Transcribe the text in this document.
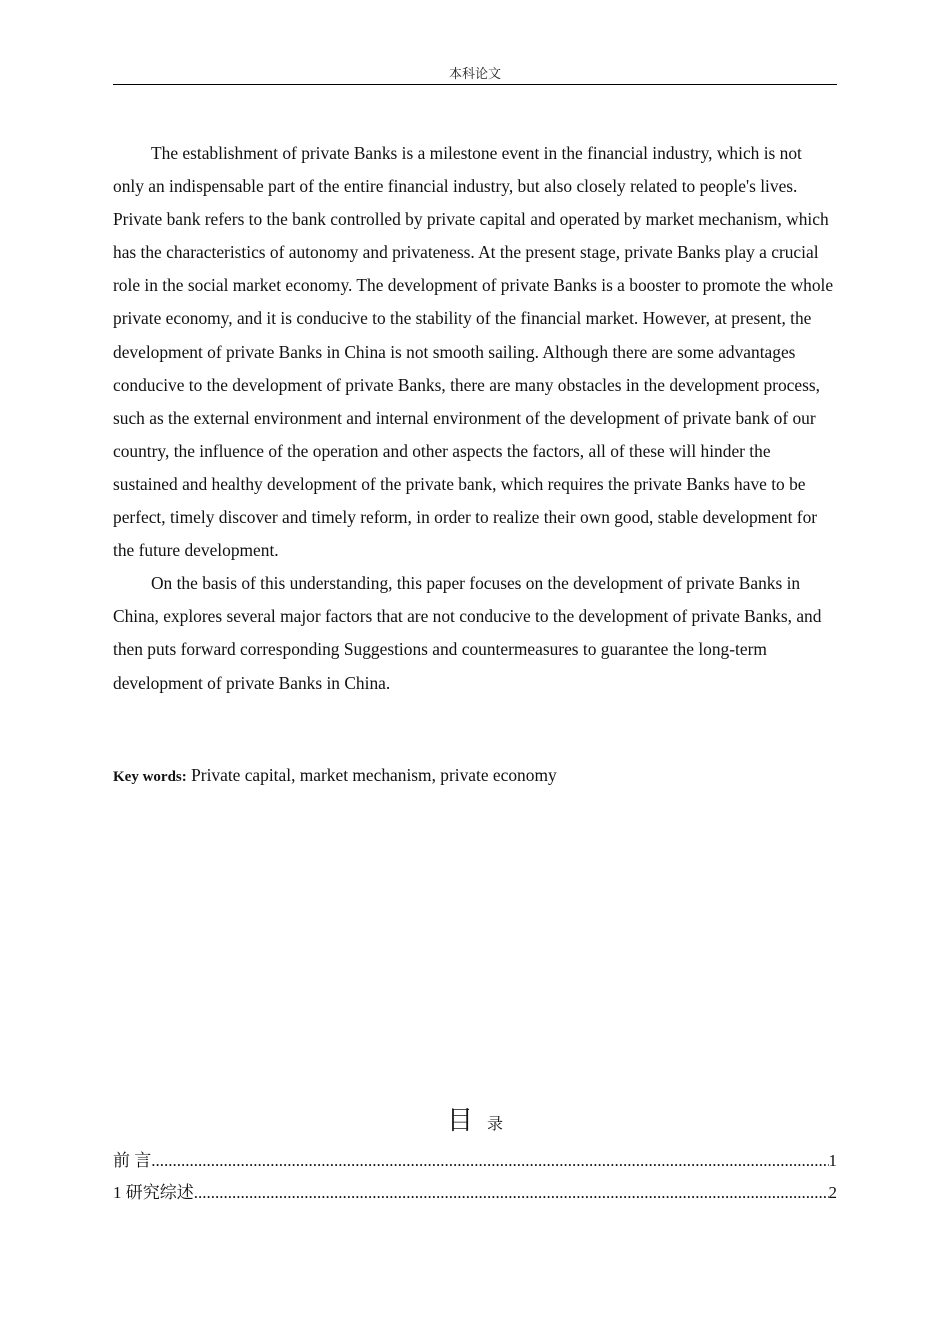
本科论文

The establishment of private Banks is a milestone event in the financial industry, which is not only an indispensable part of the entire financial industry, but also closely related to people's lives. Private bank refers to the bank controlled by private capital and operated by market mechanism, which has the characteristics of autonomy and privateness. At the present stage, private Banks play a crucial role in the social market economy. The development of private Banks is a booster to promote the whole private economy, and it is conducive to the stability of the financial market. However, at present, the development of private Banks in China is not smooth sailing. Although there are some advantages conducive to the development of private Banks, there are many obstacles in the development process, such as the external environment and internal environment of the development of private bank of our country, the influence of the operation and other aspects the factors, all of these will hinder the sustained and healthy development of the private bank, which requires the private Banks have to be perfect, timely discover and timely reform, in order to realize their own good, stable development for the future development.

On the basis of this understanding, this paper focuses on the development of private Banks in China, explores several major factors that are not conducive to the development of private Banks, and then puts forward corresponding Suggestions and countermeasures to guarantee the long-term development of private Banks in China.

Key words: Private capital, market mechanism, private economy
目录
前 言 .....	1
1 研究综述 .....	2
